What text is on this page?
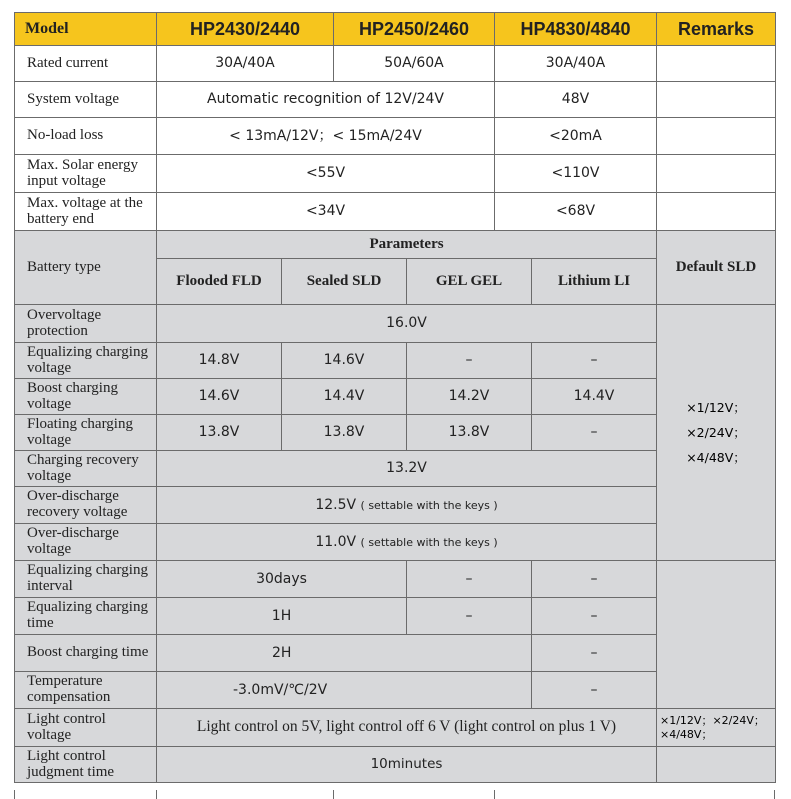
Model	HP2430/2440		HP2450/2460		HP4830/4840		Remarks
Rated current	30A/40A		50A/60A		30A/40A		
System voltage	Automatic recognition of 12V/24V				48V		
No-load loss	< 13mA/12V；< 15mA/24V				<20mA		
Max. Solar energy input voltage	<55V				<110V		
Max. voltage at the battery end	<34V				<68V		
Battery type	Parameters						Default SLD
	Flooded FLD	Sealed SLD		GEL GEL		Lithium LI	
Overvoltage protection	16.0V						×1/12V；
×2/24V；
×4/48V；

Equalizing charging voltage	14.8V	14.6V		–		–	
Boost charging voltage	14.6V	14.4V		14.2V		14.4V	
Floating charging voltage	13.8V	13.8V		13.8V		–	
Charging recovery voltage	13.2V						
Over-discharge recovery voltage	12.5V ( settable with the keys )						
Over-discharge voltage	11.0V ( settable with the keys )						
Equalizing charging interval	30days			–		–	
Equalizing charging time	1H			–		–	
Boost charging time	2H					–	
Temperature compensation	-3.0mV/℃/2V					–	
Light control voltage	Light control on 5V, light control off 6 V (light control on plus 1 V)						×1/12V；×2/24V；
×4/48V；

Light control judgment time	10minutes						
